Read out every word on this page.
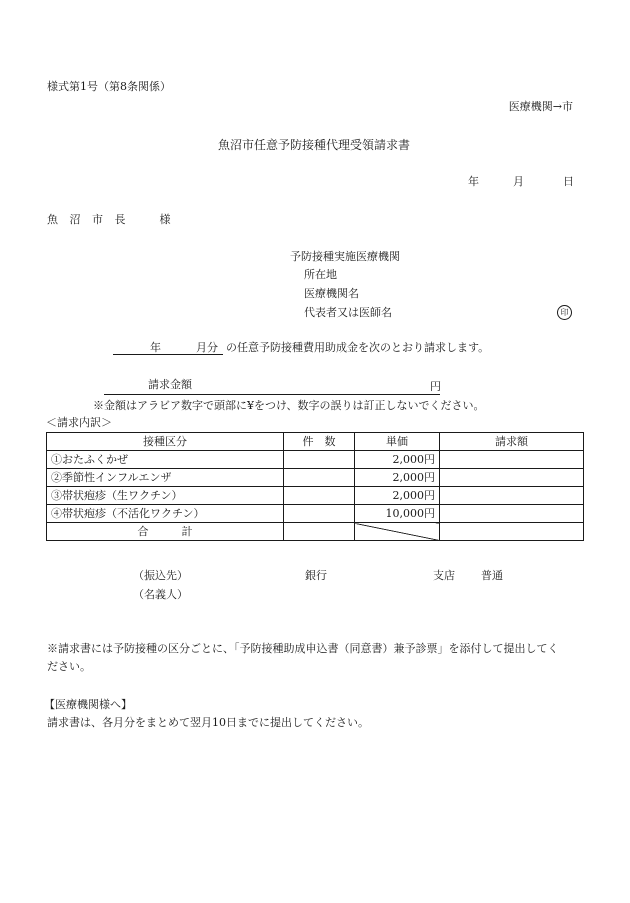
様式第1号（第8条関係）
医療機関→市
魚沼市任意予防接種代理受領請求書
年	月	日
魚 沼 市 長　　様
予防接種実施医療機関
所在地
医療機関名
代表者又は医師名	印
年	月分 の任意予防接種費用助成金を次のとおり請求します。
請求金額	円
※金額はアラビア数字で頭部に¥をつけ、数字の誤りは訂正しないでください。
＜請求内訳＞
接種区分	件　数	単価	請求額
①おたふくかぜ		2,000円	
②季節性インフルエンザ		2,000円	
③帯状疱疹（生ワクチン）		2,000円	
④帯状疱疹（不活化ワクチン）		10,000円	
合　　　計			
（振込先）	銀行	支店 普通
（名義人）
※請求書には予防接種の区分ごとに、「予防接種助成申込書（同意書）兼予診票」を添付して提出してく
ださい。
【医療機関様へ】
請求書は、各月分をまとめて翌月10日までに提出してください。
